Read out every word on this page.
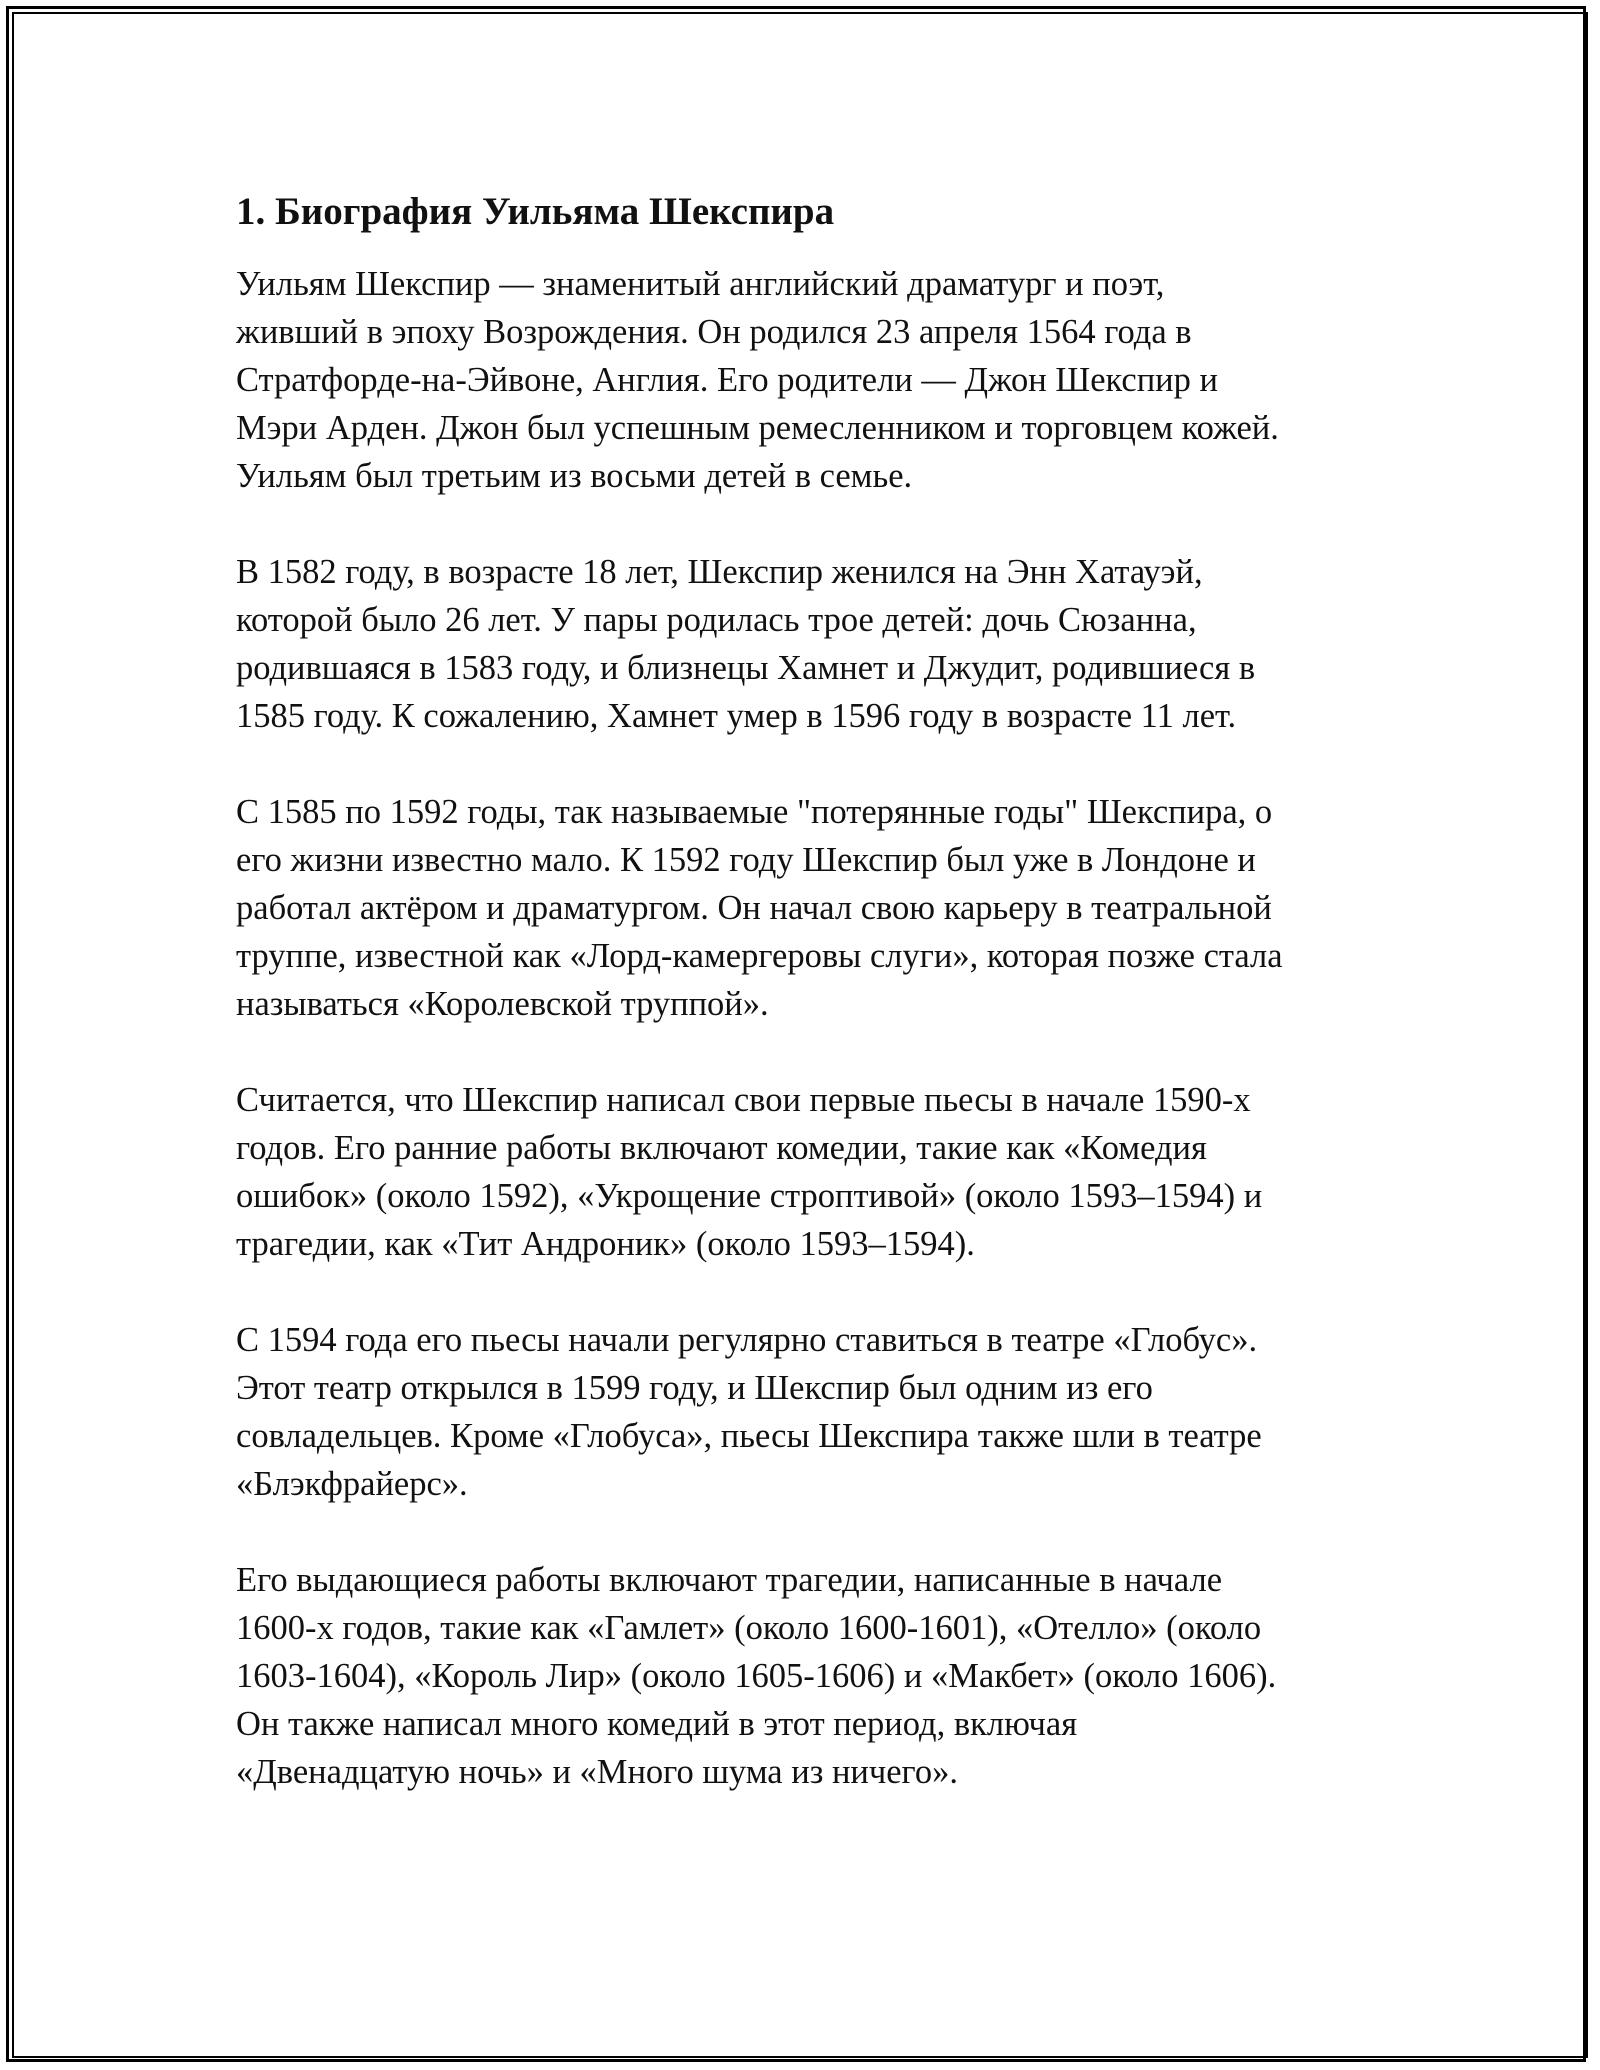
1. Биография Уильяма Шекспира

Уильям Шекспир — знаменитый английский драматург и поэт,
живший в эпоху Возрождения. Он родился 23 апреля 1564 года в
Стратфорде-на-Эйвоне, Англия. Его родители — Джон Шекспир и
Мэри Арден. Джон был успешным ремесленником и торговцем кожей.
Уильям был третьим из восьми детей в семье.

В 1582 году, в возрасте 18 лет, Шекспир женился на Энн Хатауэй,
которой было 26 лет. У пары родилась трое детей: дочь Сюзанна,
родившаяся в 1583 году, и близнецы Хамнет и Джудит, родившиеся в
1585 году. К сожалению, Хамнет умер в 1596 году в возрасте 11 лет.

С 1585 по 1592 годы, так называемые "потерянные годы" Шекспира, о
его жизни известно мало. К 1592 году Шекспир был уже в Лондоне и
работал актёром и драматургом. Он начал свою карьеру в театральной
труппе, известной как «Лорд-камергеровы слуги», которая позже стала
называться «Королевской труппой».

Считается, что Шекспир написал свои первые пьесы в начале 1590-х
годов. Его ранние работы включают комедии, такие как «Комедия
ошибок» (около 1592), «Укрощение строптивой» (около 1593–1594) и
трагедии, как «Тит Андроник» (около 1593–1594).

С 1594 года его пьесы начали регулярно ставиться в театре «Глобус».
Этот театр открылся в 1599 году, и Шекспир был одним из его
совладельцев. Кроме «Глобуса», пьесы Шекспира также шли в театре
«Блэкфрайерс».

Его выдающиеся работы включают трагедии, написанные в начале
1600-х годов, такие как «Гамлет» (около 1600-1601), «Отелло» (около
1603-1604), «Король Лир» (около 1605-1606) и «Макбет» (около 1606).
Он также написал много комедий в этот период, включая
«Двенадцатую ночь» и «Много шума из ничего».
